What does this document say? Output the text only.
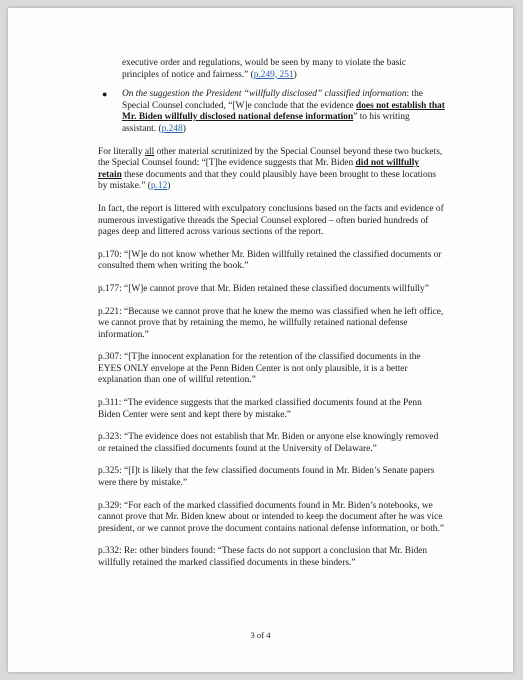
executive order and regulations, would be seen by many to violate the basic principles of notice and fairness.” (p.249, 251)

● On the suggestion the President “willfully disclosed” classified information: the Special Counsel concluded, “[W]e conclude that the evidence does not establish that Mr. Biden willfully disclosed national defense information” to his writing assistant. (p.248)

For literally all other material scrutinized by the Special Counsel beyond these two buckets, the Special Counsel found: “[T]he evidence suggests that Mr. Biden did not willfully retain these documents and that they could plausibly have been brought to these locations by mistake.” (p.12)

In fact, the report is littered with exculpatory conclusions based on the facts and evidence of numerous investigative threads the Special Counsel explored – often buried hundreds of pages deep and littered across various sections of the report.

p.170: “[W]e do not know whether Mr. Biden willfully retained the classified documents or consulted them when writing the book.”

p.177: “[W]e cannot prove that Mr. Biden retained these classified documents willfully”

p.221: “Because we cannot prove that he knew the memo was classified when he left office, we cannot prove that by retaining the memo, he willfully retained national defense information.”

p.307: “[T]he innocent explanation for the retention of the classified documents in the EYES ONLY envelope at the Penn Biden Center is not only plausible, it is a better explanation than one of willful retention.”

p.311: “The evidence suggests that the marked classified documents found at the Penn Biden Center were sent and kept there by mistake.”

p.323: “The evidence does not establish that Mr. Biden or anyone else knowingly removed or retained the classified documents found at the University of Delaware.”

p.325: “[I]t is likely that the few classified documents found in Mr. Biden’s Senate papers were there by mistake.”

p.329: “For each of the marked classified documents found in Mr. Biden’s notebooks, we cannot prove that Mr. Biden knew about or intended to keep the document after he was vice president, or we cannot prove the document contains national defense information, or both.”

p.332: Re: other binders found: “These facts do not support a conclusion that Mr. Biden willfully retained the marked classified documents in these binders.”

3 of 4
